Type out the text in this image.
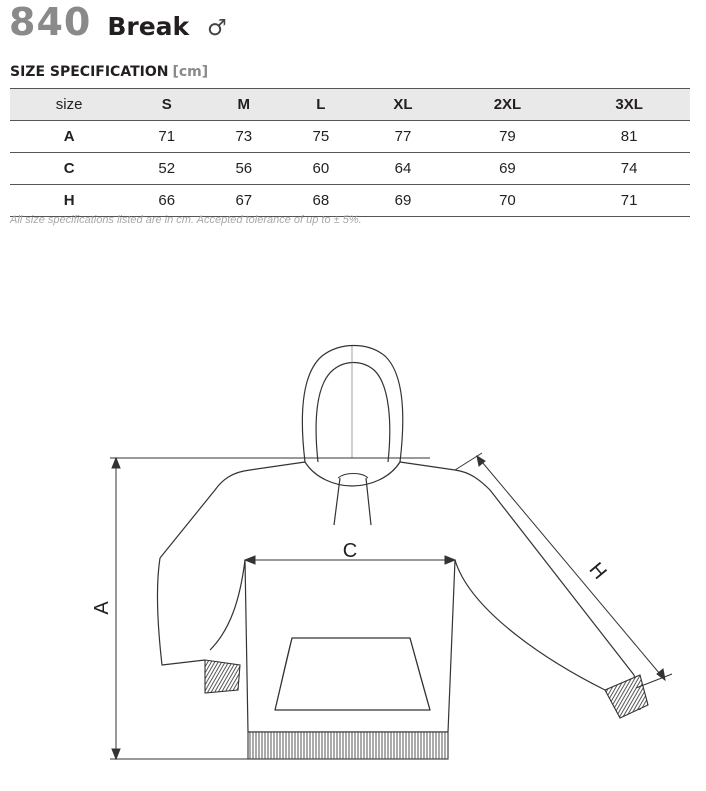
840 Break ♂
SIZE SPECIFICATION [cm]
size	S	M	L	XL	2XL	3XL
A	71	73	75	77	79	81
C	52	56	60	64	69	74
H	66	67	68	69	70	71
All size specifications listed are in cm. Accepted tolerance of up to ± 5%.
A
C
H
